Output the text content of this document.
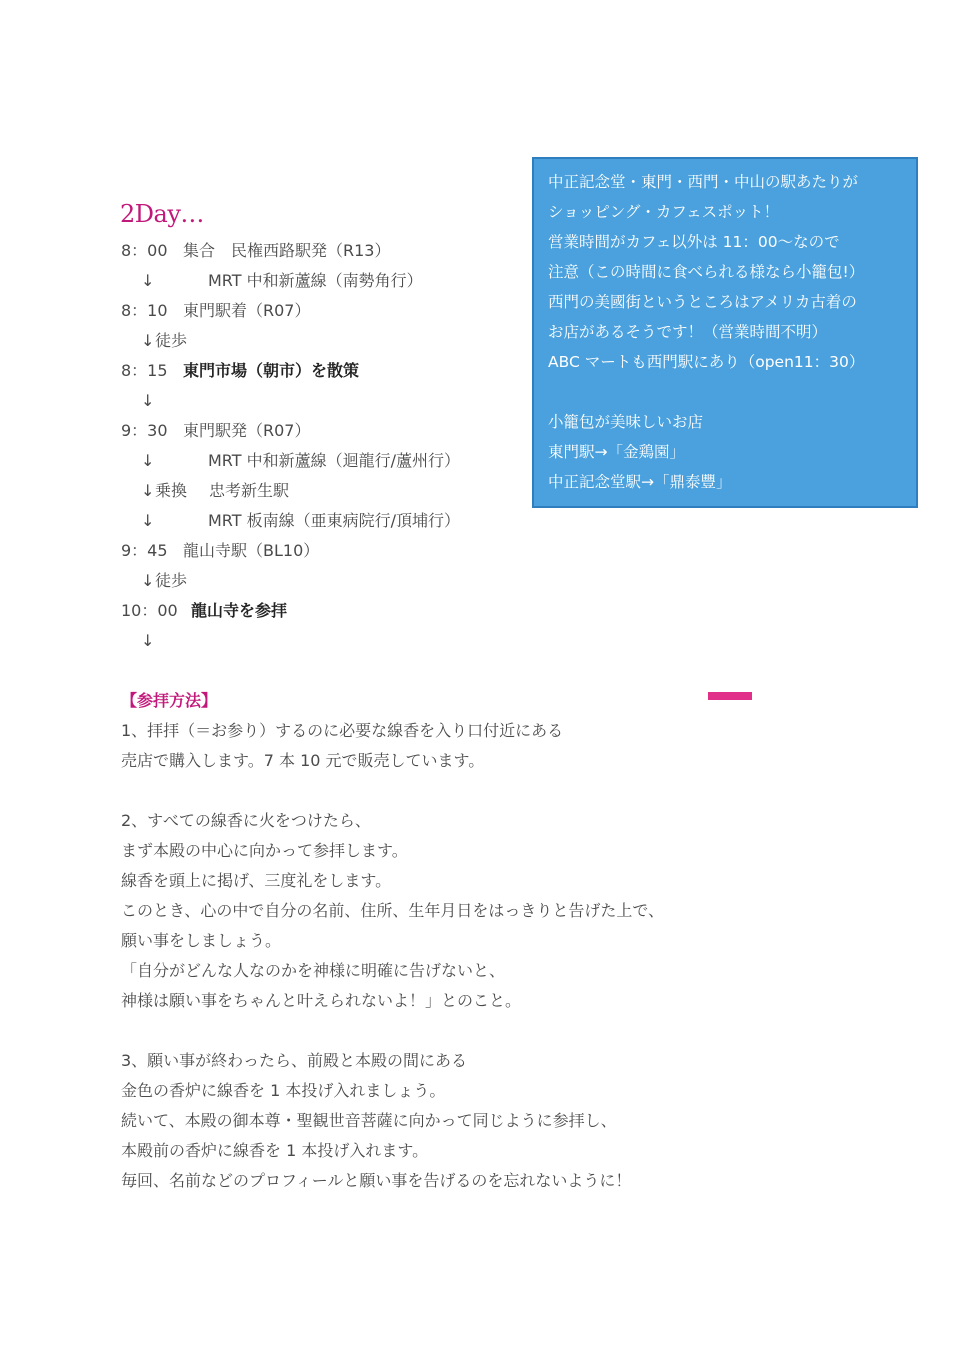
2Day…
8：00 集合　民権西路駅発（R13）
↓	MRT 中和新蘆線（南勢角行）
8：10 東門駅着（R07）
↓ 徒歩
8：15 東門市場（朝市）を散策
↓
9：30 東門駅発（R07）
↓	MRT 中和新蘆線（迴龍行/蘆州行）
↓ 乗換 忠考新生駅
↓	MRT 板南線（亜東病院行/頂埔行）
9：45 龍山寺駅（BL10）
↓ 徒歩
10：00 龍山寺を参拝
↓
中正記念堂・東門・西門・中山の駅あたりが
ショッピング・カフェスポット！
営業時間がカフェ以外は 11：00～なので
注意（この時間に食べられる様なら小籠包!）
西門の美國街というところはアメリカ古着の
お店があるそうです！（営業時間不明）
ABC マートも西門駅にあり（open11：30）
小籠包が美味しいお店
東門駅→「金鶏園」
中正記念堂駅→「鼎泰豐」
【参拝方法】
1、拝拝（＝お参り）するのに必要な線香を入り口付近にある
売店で購入します。7 本 10 元で販売しています。
2、すべての線香に火をつけたら、
まず本殿の中心に向かって参拝します。
線香を頭上に掲げ、三度礼をします。
このとき、心の中で自分の名前、住所、生年月日をはっきりと告げた上で、
願い事をしましょう。
「自分がどんな人なのかを神様に明確に告げないと、
神様は願い事をちゃんと叶えられないよ！」とのこと。
3、願い事が終わったら、前殿と本殿の間にある
金色の香炉に線香を 1 本投げ入れましょう。
続いて、本殿の御本尊・聖観世音菩薩に向かって同じように参拝し、
本殿前の香炉に線香を 1 本投げ入れます。
毎回、名前などのプロフィールと願い事を告げるのを忘れないように！
